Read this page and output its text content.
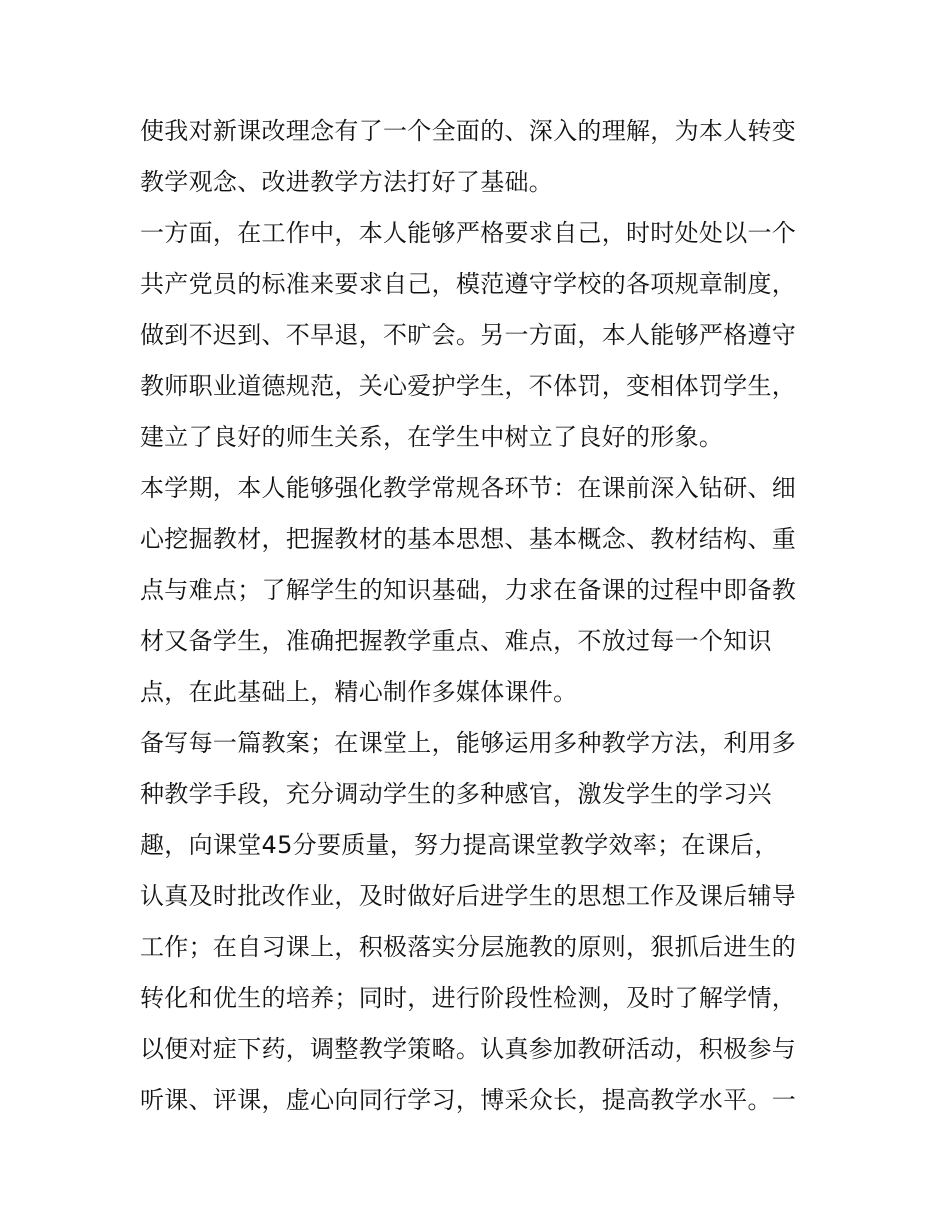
使我对新课改理念有了一个全面的、深入的理解，为本人转变
教学观念、改进教学方法打好了基础。
一方面，在工作中，本人能够严格要求自己，时时处处以一个
共产党员的标准来要求自己，模范遵守学校的各项规章制度，
做到不迟到、不早退，不旷会。另一方面，本人能够严格遵守
教师职业道德规范，关心爱护学生，不体罚，变相体罚学生，
建立了良好的师生关系，在学生中树立了良好的形象。
本学期，本人能够强化教学常规各环节：在课前深入钻研、细
心挖掘教材，把握教材的基本思想、基本概念、教材结构、重
点与难点；了解学生的知识基础，力求在备课的过程中即备教
材又备学生，准确把握教学重点、难点，不放过每一个知识
点，在此基础上，精心制作多媒体课件。
备写每一篇教案；在课堂上，能够运用多种教学方法，利用多
种教学手段，充分调动学生的多种感官，激发学生的学习兴
趣，向课堂45分要质量，努力提高课堂教学效率；在课后，
认真及时批改作业，及时做好后进学生的思想工作及课后辅导
工作；在自习课上，积极落实分层施教的原则，狠抓后进生的
转化和优生的培养；同时，进行阶段性检测，及时了解学情，
以便对症下药，调整教学策略。认真参加教研活动，积极参与
听课、评课，虚心向同行学习，博采众长，提高教学水平。一
